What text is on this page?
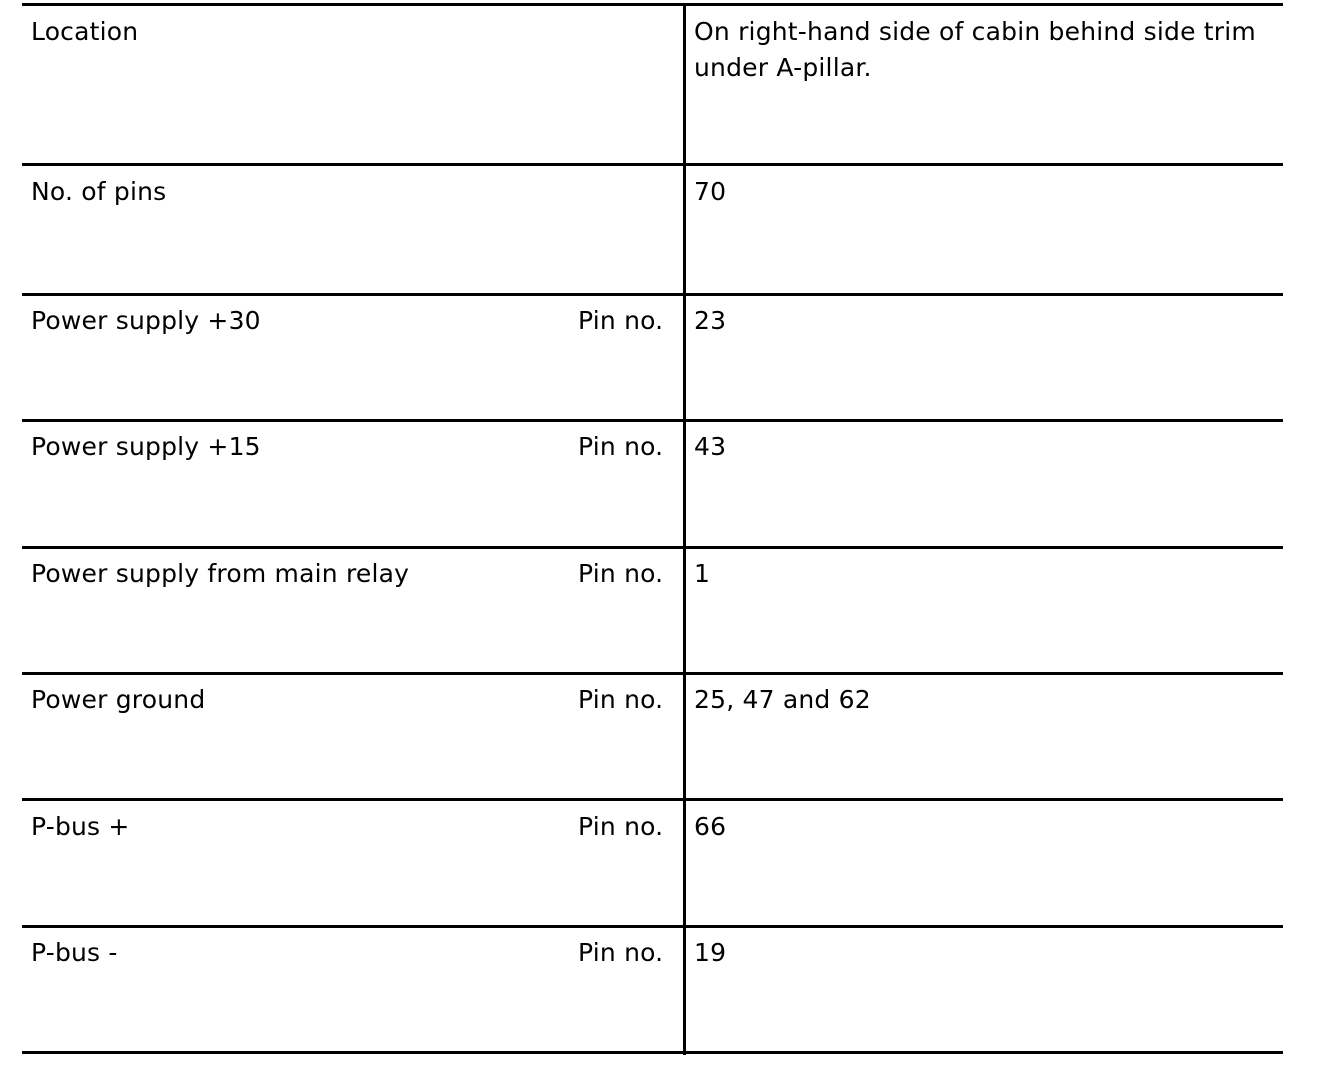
Location	On right-hand side of cabin behind side trim under A-pillar.
No. of pins	70
Power supply +30	Pin no. 23
Power supply +15	Pin no. 43
Power supply from main relay	Pin no. 1
Power ground	Pin no. 25, 47 and 62
P-bus +	Pin no. 66
P-bus -	Pin no. 19
